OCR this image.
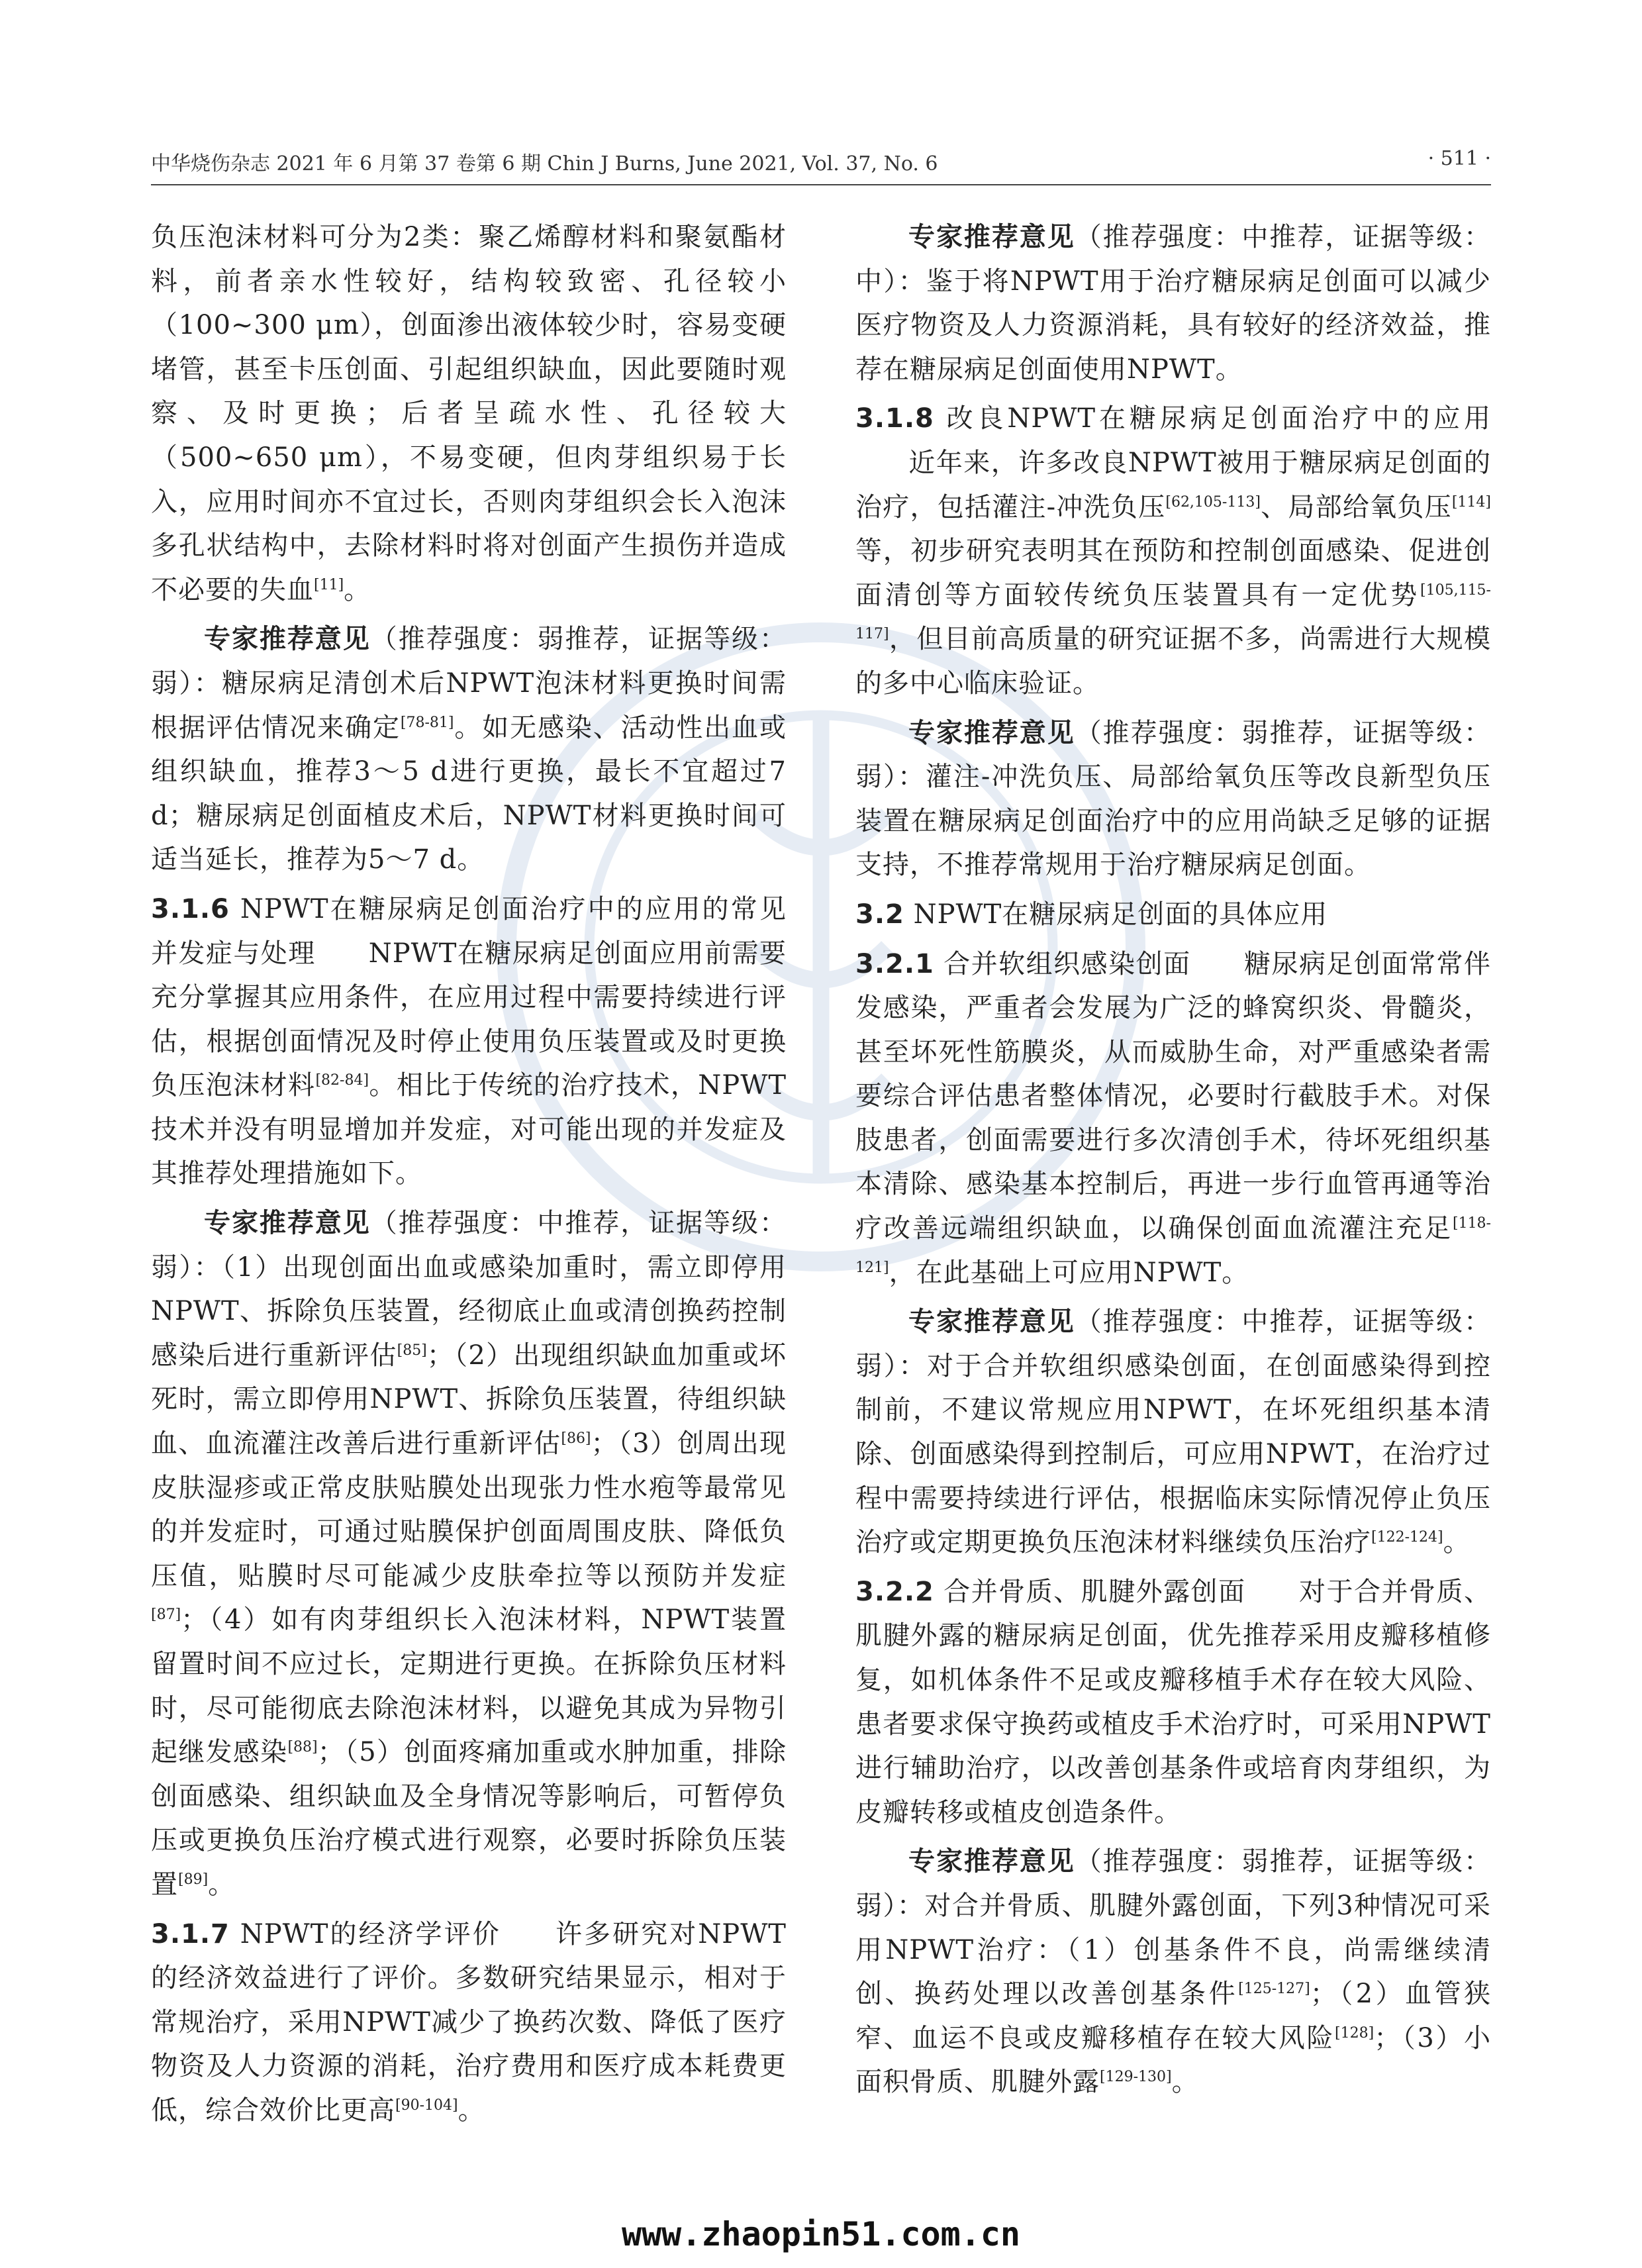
中华烧伤杂志 2021 年 6 月第 37 卷第 6 期 Chin J Burns, June 2021, Vol. 37, No. 6	· 511 ·

负压泡沫材料可分为2类：聚乙烯醇材料和聚氨酯材料，前者亲水性较好，结构较致密、孔径较小（100~300 μm），创面渗出液体较少时，容易变硬堵管，甚至卡压创面、引起组织缺血，因此要随时观察、及时更换；后者呈疏水性、孔径较大（500~650 μm），不易变硬，但肉芽组织易于长入，应用时间亦不宜过长，否则肉芽组织会长入泡沫多孔状结构中，去除材料时将对创面产生损伤并造成不必要的失血[11]。

专家推荐意见（推荐强度：弱推荐，证据等级：弱）：糖尿病足清创术后NPWT泡沫材料更换时间需根据评估情况来确定[78-81]。如无感染、活动性出血或组织缺血，推荐3～5 d进行更换，最长不宜超过7 d；糖尿病足创面植皮术后，NPWT材料更换时间可适当延长，推荐为5～7 d。

3.1.6 NPWT在糖尿病足创面治疗中的应用的常见并发症与处理 NPWT在糖尿病足创面应用前需要充分掌握其应用条件，在应用过程中需要持续进行评估，根据创面情况及时停止使用负压装置或及时更换负压泡沫材料[82-84]。相比于传统的治疗技术，NPWT技术并没有明显增加并发症，对可能出现的并发症及其推荐处理措施如下。

专家推荐意见（推荐强度：中推荐，证据等级：弱）：（1）出现创面出血或感染加重时，需立即停用NPWT、拆除负压装置，经彻底止血或清创换药控制感染后进行重新评估[85]；（2）出现组织缺血加重或坏死时，需立即停用NPWT、拆除负压装置，待组织缺血、血流灌注改善后进行重新评估[86]；（3）创周出现皮肤湿疹或正常皮肤贴膜处出现张力性水疱等最常见的并发症时，可通过贴膜保护创面周围皮肤、降低负压值，贴膜时尽可能减少皮肤牵拉等以预防并发症[87]；（4）如有肉芽组织长入泡沫材料，NPWT装置留置时间不应过长，定期进行更换。在拆除负压材料时，尽可能彻底去除泡沫材料，以避免其成为异物引起继发感染[88]；（5）创面疼痛加重或水肿加重，排除创面感染、组织缺血及全身情况等影响后，可暂停负压或更换负压治疗模式进行观察，必要时拆除负压装置[89]。

3.1.7 NPWT的经济学评价 许多研究对NPWT的经济效益进行了评价。多数研究结果显示，相对于常规治疗，采用NPWT减少了换药次数、降低了医疗物资及人力资源的消耗，治疗费用和医疗成本耗费更低，综合效价比更高[90-104]。

专家推荐意见（推荐强度：中推荐，证据等级：中）：鉴于将NPWT用于治疗糖尿病足创面可以减少医疗物资及人力资源消耗，具有较好的经济效益，推荐在糖尿病足创面使用NPWT。

3.1.8 改良NPWT在糖尿病足创面治疗中的应用近年来，许多改良NPWT被用于糖尿病足创面的治疗，包括灌注-冲洗负压[62,105-113]、局部给氧负压[114]等，初步研究表明其在预防和控制创面感染、促进创面清创等方面较传统负压装置具有一定优势[105,115-117]，但目前高质量的研究证据不多，尚需进行大规模的多中心临床验证。

专家推荐意见（推荐强度：弱推荐，证据等级：弱）：灌注-冲洗负压、局部给氧负压等改良新型负压装置在糖尿病足创面治疗中的应用尚缺乏足够的证据支持，不推荐常规用于治疗糖尿病足创面。

3.2 NPWT在糖尿病足创面的具体应用

3.2.1 合并软组织感染创面 糖尿病足创面常常伴发感染，严重者会发展为广泛的蜂窝织炎、骨髓炎，甚至坏死性筋膜炎，从而威胁生命，对严重感染者需要综合评估患者整体情况，必要时行截肢手术。对保肢患者，创面需要进行多次清创手术，待坏死组织基本清除、感染基本控制后，再进一步行血管再通等治疗改善远端组织缺血，以确保创面血流灌注充足[118-121]，在此基础上可应用NPWT。

专家推荐意见（推荐强度：中推荐，证据等级：弱）：对于合并软组织感染创面，在创面感染得到控制前，不建议常规应用NPWT，在坏死组织基本清除、创面感染得到控制后，可应用NPWT，在治疗过程中需要持续进行评估，根据临床实际情况停止负压治疗或定期更换负压泡沫材料继续负压治疗[122-124]。

3.2.2 合并骨质、肌腱外露创面 对于合并骨质、肌腱外露的糖尿病足创面，优先推荐采用皮瓣移植修复，如机体条件不足或皮瓣移植手术存在较大风险、患者要求保守换药或植皮手术治疗时，可采用NPWT进行辅助治疗，以改善创基条件或培育肉芽组织，为皮瓣转移或植皮创造条件。

专家推荐意见（推荐强度：弱推荐，证据等级：弱）：对合并骨质、肌腱外露创面，下列3种情况可采用NPWT治疗：（1）创基条件不良，尚需继续清创、换药处理以改善创基条件[125-127]；（2）血管狭窄、血运不良或皮瓣移植存在较大风险[128]；（3）小面积骨质、肌腱外露[129-130]。

www.zhaopin51.com.cn
